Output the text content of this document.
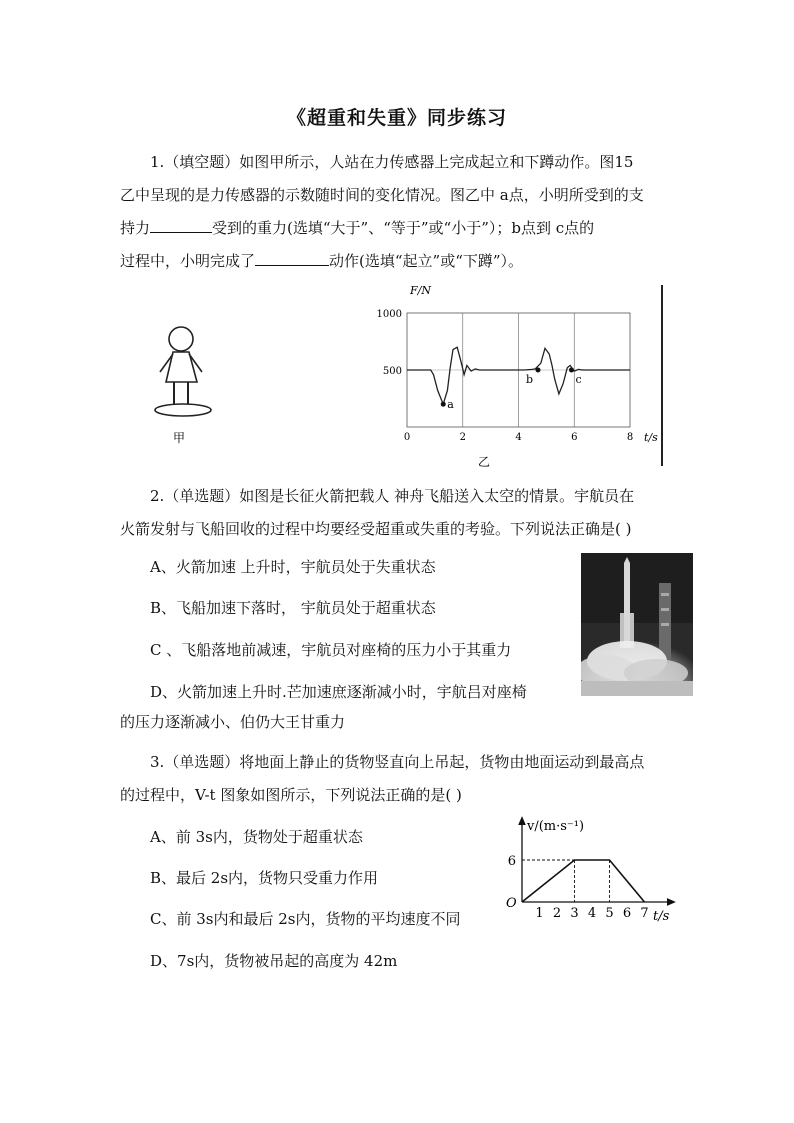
《超重和失重》同步练习
1.（填空题）如图甲所示，人站在力传感器上完成起立和下蹲动作。图15
乙中呈现的是力传感器的示数随时间的变化情况。图乙中 a点，小明所受到的支
持力	受到的重力(选填“大于”、“等于”或“小于”）；b点到 c点的
过程中，小明完成了	动作(选填“起立”或“下蹲”）。
甲	0	2	4	6	8
500
1000
a
b	c
F/N
t/s
乙
2.（单选题）如图是长征火箭把载人 神舟飞船送入太空的情景。宇航员在
火箭发射与飞船回收的过程中均要经受超重或失重的考验。下列说法正确是( )
A、火箭加速 上升时，宇航员处于失重状态
B、飞船加速下落时， 宇航员处于超重状态
C 、飞船落地前减速，宇航员对座椅的压力小于其重力
D、火箭加速上升时.芒加速庶逐渐减小时，宇航吕对座椅
的压力逐渐减小、伯仍大王甘重力
3.（单选题）将地面上静止的货物竖直向上吊起，货物由地面运动到最高点
的过程中，V-t 图象如图所示，下列说法正确的是( )
A、前 3s内，货物处于超重状态
B、最后 2s内，货物只受重力作用
C、前 3s内和最后 2s内，货物的平均速度不同
D、7s内，货物被吊起的高度为 42m
1 2 3 4 5 6 7
6
O
v/(m·s⁻¹)
t/s
